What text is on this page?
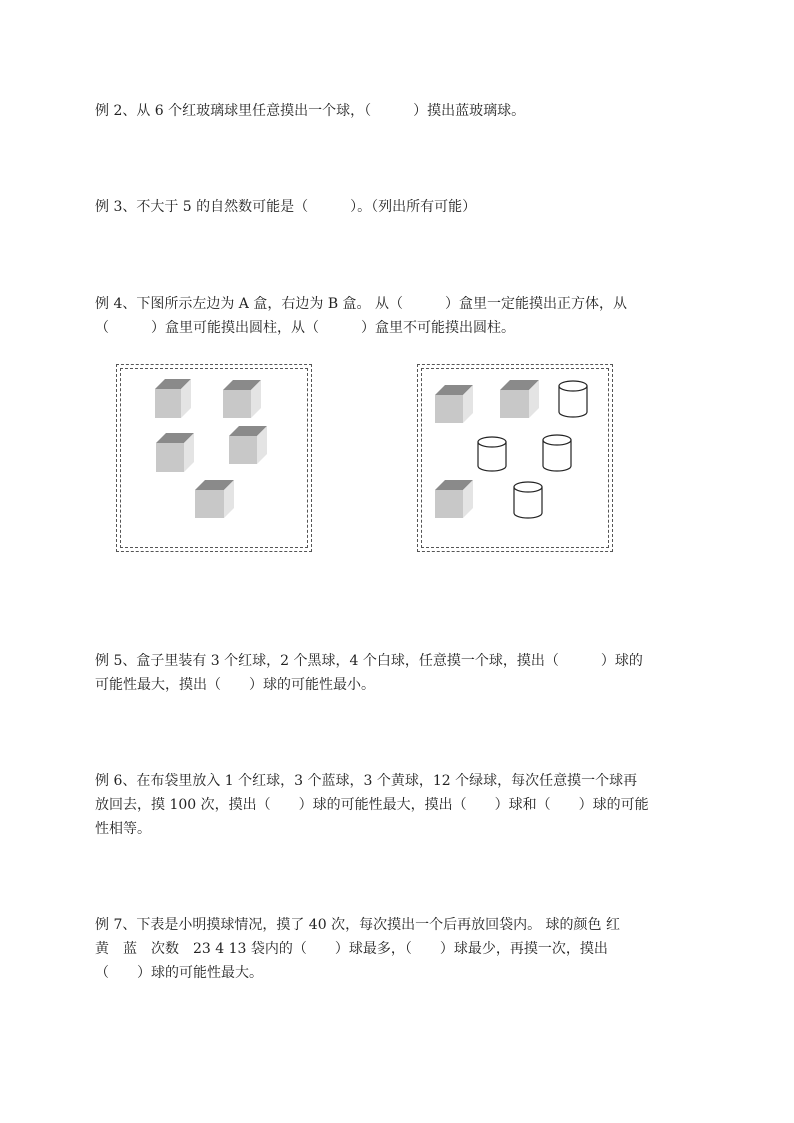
例 2、从 6 个红玻璃球里任意摸出一个球，（　　　）摸出蓝玻璃球。

例 3、不大于 5 的自然数可能是（　　　）。（列出所有可能）

例 4、下图所示左边为 A 盒，右边为 B 盒。 从（　　　）盒里一定能摸出正方体，从

（　　　）盒里可能摸出圆柱，从（　　　）盒里不可能摸出圆柱。

例 5、盒子里装有 3 个红球，2 个黑球，4 个白球，任意摸一个球，摸出（　　　）球的

可能性最大，摸出（　　）球的可能性最小。

例 6、在布袋里放入 1 个红球，3 个蓝球，3 个黄球，12 个绿球，每次任意摸一个球再

放回去，摸 100 次，摸出（　　）球的可能性最大，摸出（　　）球和（　　）球的可能

性相等。

例 7、下表是小明摸球情况，摸了 40 次，每次摸出一个后再放回袋内。 球的颜色 红

黄　蓝　次数　23 4 13 袋内的（　　）球最多，（　　）球最少，再摸一次，摸出

（　　）球的可能性最大。
